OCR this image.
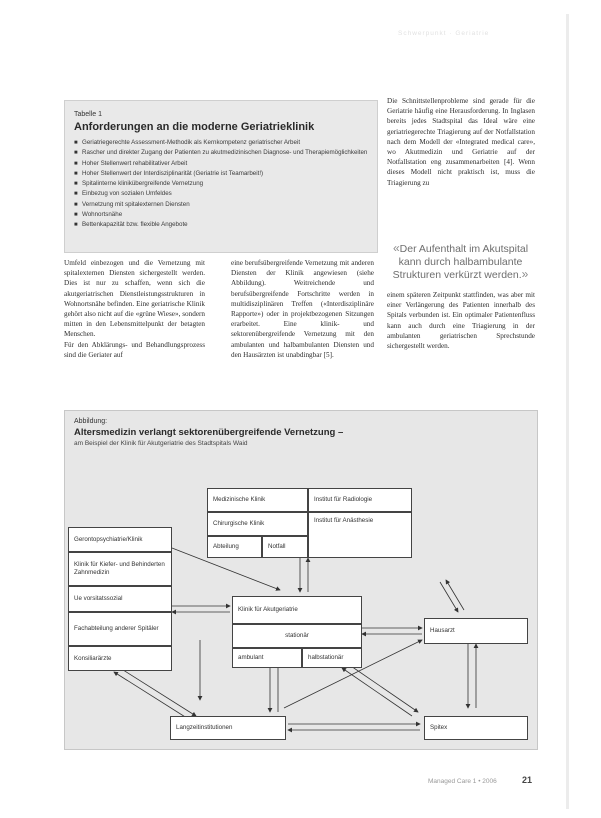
Schwerpunkt · Geriatrie
Tabelle 1
Anforderungen an die moderne Geriatrieklinik
■ Geriatriegerechte Assessment-Methodik als Kernkompetenz geriatrischer Arbeit
■ Rascher und direkter Zugang der Patienten zu akutmedizinischen Diagnose- und Therapiemöglichkeiten
■ Hoher Stellenwert rehabilitativer Arbeit
■ Hoher Stellenwert der Interdisziplinarität (Geriatrie ist Teamarbeit!)
■ Spitalinterne klinikübergreifende Vernetzung
■ Einbezug von sozialen Umfeldes
■ Vernetzung mit spitalexternen Diensten
■ Wohnortsnähe
■ Bettenkapazität bzw. flexible Angebote

Die Schnittstellenprobleme sind gerade für die Geriatrie häufig eine Herausforderung. In Inglasen bereits jedes Stadtspital das Ideal wäre eine geriatriegerechte Triagierung auf der Notfallstation nach dem Modell der «Integrated medical care», wo Akutmedizin und Geriatrie auf der Notfallstation eng zusammenarbeiten [4]. Wenn dieses Modell nicht praktisch ist, muss die Triagierung zu

«Der Aufenthalt im Akutspital kann durch halbambulante Strukturen verkürzt werden.»

Umfeld einbezogen und die Vernetzung mit spitalexternen Diensten sichergestellt werden. Dies ist nur zu schaffen, wenn sich die akutgeriatrischen Dienstleistungsstrukturen in Wohnortsnähe befinden. Eine geriatrische Klinik gehört also nicht auf die «grüne Wiese», sondern mitten in den Lebensmittelpunkt der betagten Menschen.

Für den Abklärungs- und Behandlungsprozess sind die Geriater auf

eine berufsübergreifende Vernetzung mit anderen Diensten der Klinik angewiesen (siehe Abbildung). Weitreichende und berufsübergreifende Fortschritte werden in multidisziplinären Treffen («Interdisziplinäre Rapporte») oder in projektbezogenen Sitzungen erarbeitet. Eine klinik- und sektorenübergreifende Vernetzung mit den ambulanten und halbambulanten Diensten und den Hausärzten ist unabdingbar [5].

einem späteren Zeitpunkt stattfinden, was aber mit einer Verlängerung des Patienten innerhalb des Spitals verbunden ist. Ein optimaler Patientenfluss kann auch durch eine Triagierung in der ambulanten geriatrischen Sprechstunde sichergestellt werden.

Abbildung:
Altersmedizin verlangt sektorenübergreifende Vernetzung –
am Beispiel der Klinik für Akutgeriatrie des Stadtspitals Waid
Medizinische Klinik	Institut für Radiologie
Chirurgische Klinik	Institut für Anästhesie
Abteilung	Notfall
Gerontopsychiatrie/Klinik
Klinik für Kiefer- und Behinderten Zahnmedizin
Ue vorsitatssozial
Fachabteilung anderer Spitäler
Konsiliarärzte
Klinik für Akutgeriatrie
stationär
ambulant	halbstationär
Hausarzt
Langzeitinstitutionen	Spitex
Managed Care 1 • 2006	21
